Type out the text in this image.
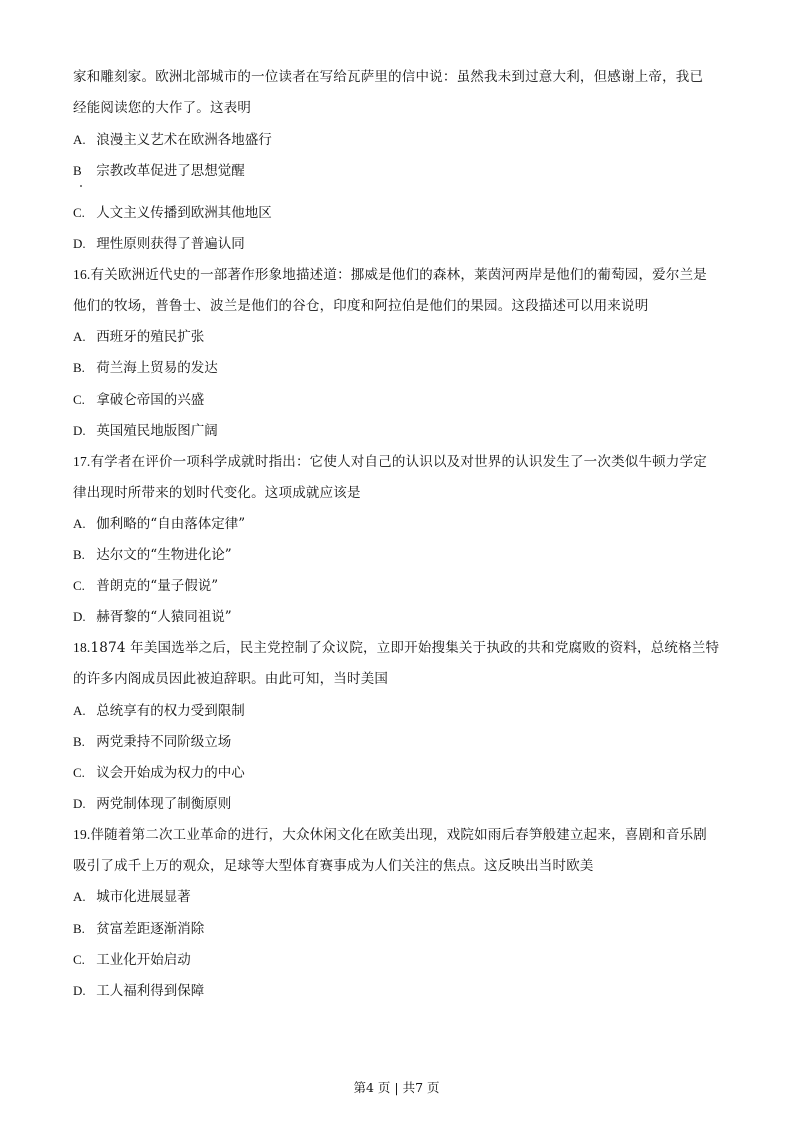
家和雕刻家。欧洲北部城市的一位读者在写给瓦萨里的信中说：虽然我未到过意大利，但感谢上帝，我已
经能阅读您的大作了。这表明
A. 浪漫主义艺术在欧洲各地盛行
B 宗教改革促进了思想觉醒
C. 人文主义传播到欧洲其他地区
D. 理性原则获得了普遍认同
16.有关欧洲近代史的一部著作形象地描述道：挪威是他们的森林，莱茵河两岸是他们的葡萄园，爱尔兰是
他们的牧场，普鲁士、波兰是他们的谷仓，印度和阿拉伯是他们的果园。这段描述可以用来说明
A. 西班牙的殖民扩张
B. 荷兰海上贸易的发达
C. 拿破仑帝国的兴盛
D. 英国殖民地版图广阔
17.有学者在评价一项科学成就时指出：它使人对自己的认识以及对世界的认识发生了一次类似牛顿力学定
律出现时所带来的划时代变化。这项成就应该是
A. 伽利略的“自由落体定律”
B. 达尔文的“生物进化论”
C. 普朗克的“量子假说”
D. 赫胥黎的“人猿同祖说”
18.1874 年美国选举之后，民主党控制了众议院，立即开始搜集关于执政的共和党腐败的资料，总统格兰特
的许多内阁成员因此被迫辞职。由此可知，当时美国
A. 总统享有的权力受到限制
B. 两党秉持不同阶级立场
C. 议会开始成为权力的中心
D. 两党制体现了制衡原则
19.伴随着第二次工业革命的进行，大众休闲文化在欧美出现，戏院如雨后春笋般建立起来，喜剧和音乐剧
吸引了成千上万的观众，足球等大型体育赛事成为人们关注的焦点。这反映出当时欧美
A. 城市化进展显著
B. 贫富差距逐渐消除
C. 工业化开始启动
D. 工人福利得到保障
第4 页 | 共7 页
